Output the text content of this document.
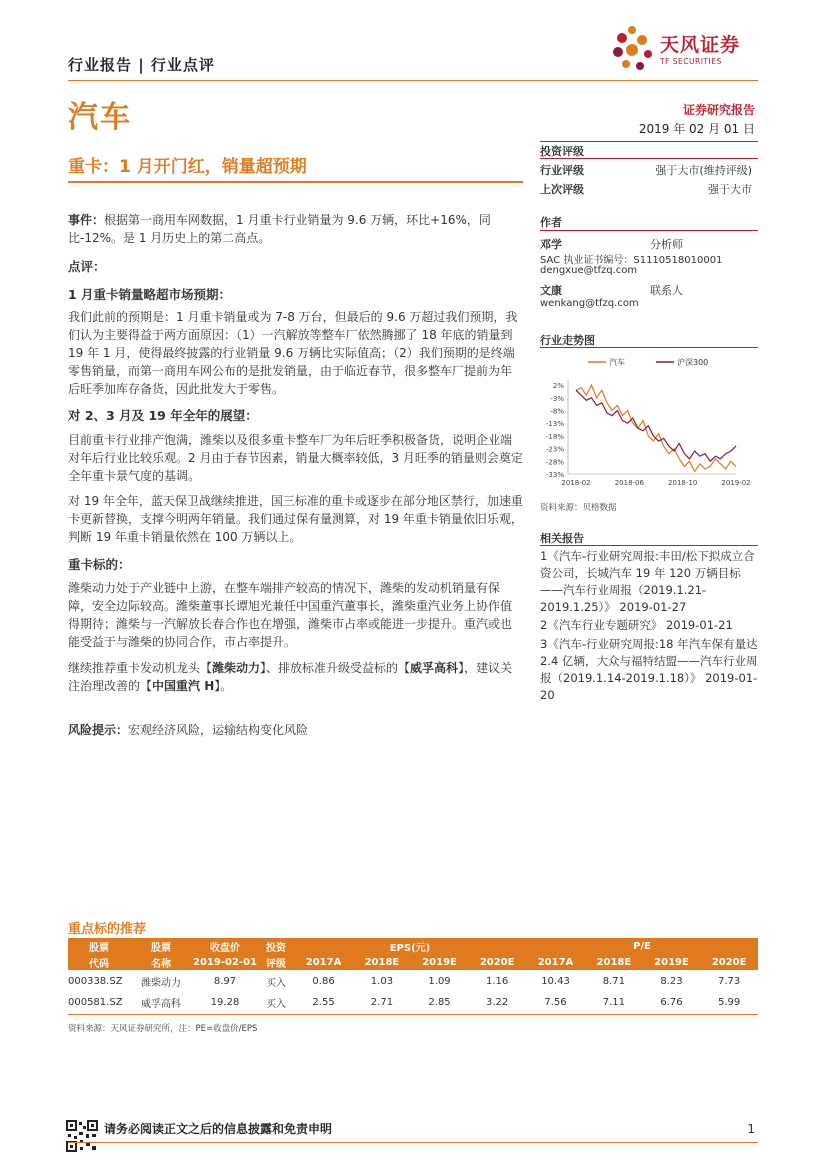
行业报告 | 行业点评
汽车
重卡：1 月开门红，销量超预期
天风证券
TF SECURITIES
证券研究报告
2019 年 02 月 01 日
投资评级
行业评级	强于大市(维持评级)
上次评级	强于大市
作者
邓学	分析师
SAC 执业证书编号：S1110518010001
dengxue@tfzq.com
文康	联系人
wenkang@tfzq.com
行业走势图
汽车	沪深300
2%
-3%
-8%
-13%
-18%
-23%
-28%
-33%
2018-02	2018-06	2018-10	2019-02
资料来源：贝格数据
相关报告
1《汽车-行业研究周报:丰田/松下拟成立合资公司，长城汽车 19 年 120 万辆目标——汽车行业周报（2019.1.21-2019.1.25）》 2019-01-27
2《汽车行业专题研究》 2019-01-21
3《汽车-行业研究周报:18 年汽车保有量达 2.4 亿辆，大众与福特结盟——汽车行业周报（2019.1.14-2019.1.18）》 2019-01-20
事件：根据第一商用车网数据，1 月重卡行业销量为 9.6 万辆，环比+16%，同比-12%。是 1 月历史上的第二高点。
点评：
1 月重卡销量略超市场预期：
我们此前的预期是：1 月重卡销量或为 7-8 万台，但最后的 9.6 万超过我们预期，我们认为主要得益于两方面原因：（1）一汽解放等整车厂依然腾挪了 18 年底的销量到 19 年 1 月，使得最终披露的行业销量 9.6 万辆比实际值高；（2）我们预期的是终端零售销量，而第一商用车网公布的是批发销量，由于临近春节，很多整车厂提前为年后旺季加库存备货，因此批发大于零售。
对 2、3 月及 19 年全年的展望：
目前重卡行业排产饱满，潍柴以及很多重卡整车厂为年后旺季积极备货，说明企业端对年后行业比较乐观。2 月由于春节因素，销量大概率较低，3 月旺季的销量则会奠定全年重卡景气度的基调。
对 19 年全年，蓝天保卫战继续推进，国三标准的重卡或逐步在部分地区禁行，加速重卡更新替换，支撑今明两年销量。我们通过保有量测算，对 19 年重卡销量依旧乐观，判断 19 年重卡销量依然在 100 万辆以上。
重卡标的：
潍柴动力处于产业链中上游，在整车端排产较高的情况下，潍柴的发动机销量有保障，安全边际较高。潍柴董事长谭旭光兼任中国重汽董事长，潍柴重汽业务上协作值得期待；潍柴与一汽解放长春合作也在增强，潍柴市占率或能进一步提升。重汽或也能受益于与潍柴的协同合作，市占率提升。
继续推荐重卡发动机龙头【潍柴动力】、排放标准升级受益标的【威孚高科】，建议关注治理改善的【中国重汽 H】。
风险提示：宏观经济风险，运输结构变化风险
重点标的推荐
股票	股票	收盘价	投资	EPS(元)				P/E			
代码	名称	2019-02-01	评级	2017A	2018E	2019E	2020E	2017A	2018E	2019E	2020E
000338.SZ	潍柴动力	8.97	买入	0.86	1.03	1.09	1.16	10.43	8.71	8.23	7.73
000581.SZ	威孚高科	19.28	买入	2.55	2.71	2.85	3.22	7.56	7.11	6.76	5.99
资料来源：天风证券研究所，注：PE=收盘价/EPS
请务必阅读正文之后的信息披露和免责申明	1
